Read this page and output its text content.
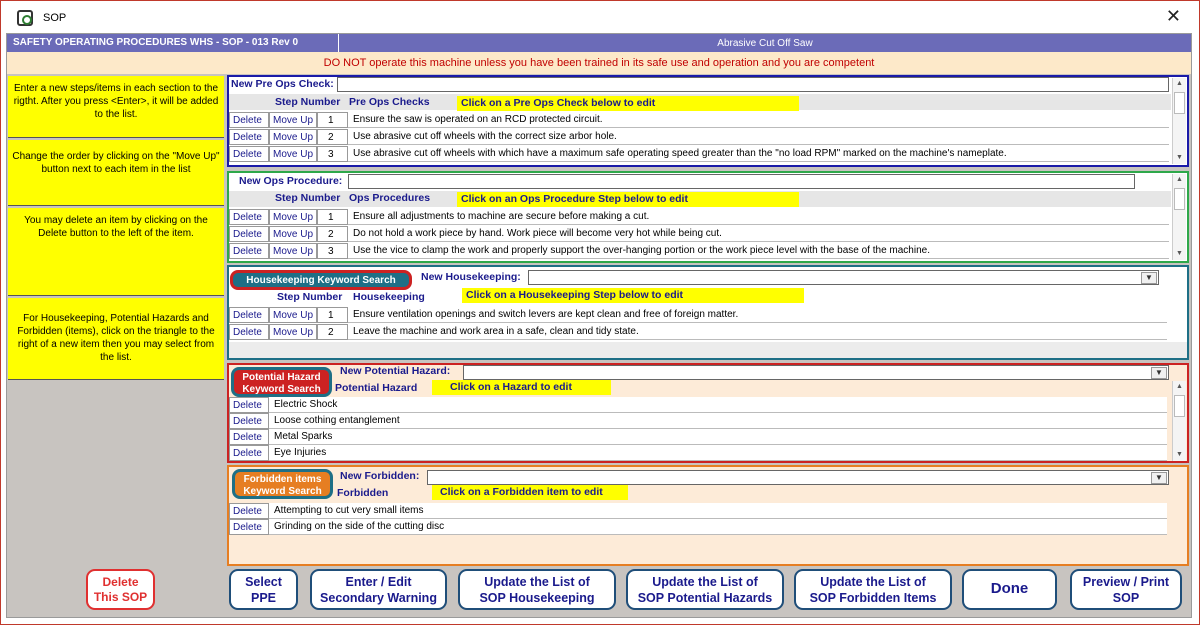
SOP	✕
SAFETY OPERATING PROCEDURES WHS - SOP - 013 Rev 0	Abrasive Cut Off Saw
DO NOT operate this machine unless you have been trained in its safe use and operation and you are competent
Enter a new steps/items in each section to the rigtht. After you press <Enter>, it will be added to the list.
Change the order by clicking on the "Move Up" button next to each item in the list
You may delete an item by clicking on the Delete button to the left of the item.
For Housekeeping, Potential Hazards and Forbidden (items), click on the triangle to the right of a new item then you may select from the list.
New Pre Ops Check:
Step Number Pre Ops Checks	Click on a Pre Ops Check below to edit
Delete	Move Up	1	Ensure the saw is operated on an RCD protected circuit.
Delete	Move Up	2	Use abrasive cut off wheels with the correct size arbor hole.
Delete	Move Up	3	Use abrasive cut off wheels with which have a maximum safe operating speed greater than the "no load RPM" marked on the machine's nameplate.
▲
▼
New Ops Procedure:
Step Number Ops Procedures	Click on an Ops Procedure Step below to edit
Delete	Move Up	1	Ensure all adjustments to machine are secure before making a cut.
Delete	Move Up	2	Do not hold a work piece by hand. Work piece will become very hot while being cut.
Delete	Move Up	3	Use the vice to clamp the work and properly support the over-hanging portion or the work piece level with the base of the machine.
▲
▼
Housekeeping Keyword Search	New Housekeeping:	▼
Step Number Housekeeping	Click on a Housekeeping Step below to edit
Delete	Move Up	1	Ensure ventilation openings and switch levers are kept clean and free of foreign matter.
Delete	Move Up	2	Leave the machine and work area in a safe, clean and tidy state.
Potential Hazard
Keyword Search
New Potential Hazard:	▼
Potential Hazard	Click on a Hazard to edit
Delete	Electric Shock
Delete	Loose cothing entanglement
Delete	Metal Sparks
Delete	Eye Injuries
▲
▼
Forbidden items
Keyword Search
New Forbidden:	▼
Forbidden	Click on a Forbidden item to edit
Delete	Attempting to cut very small items
Delete	Grinding on the side of the cutting disc
Delete
This SOP
Select
PPE
Enter / Edit
Secondary Warning
Update the List of
SOP Housekeeping
Update the List of
SOP Potential Hazards
Update the List of
SOP Forbidden Items
Done	Preview / Print
SOP
